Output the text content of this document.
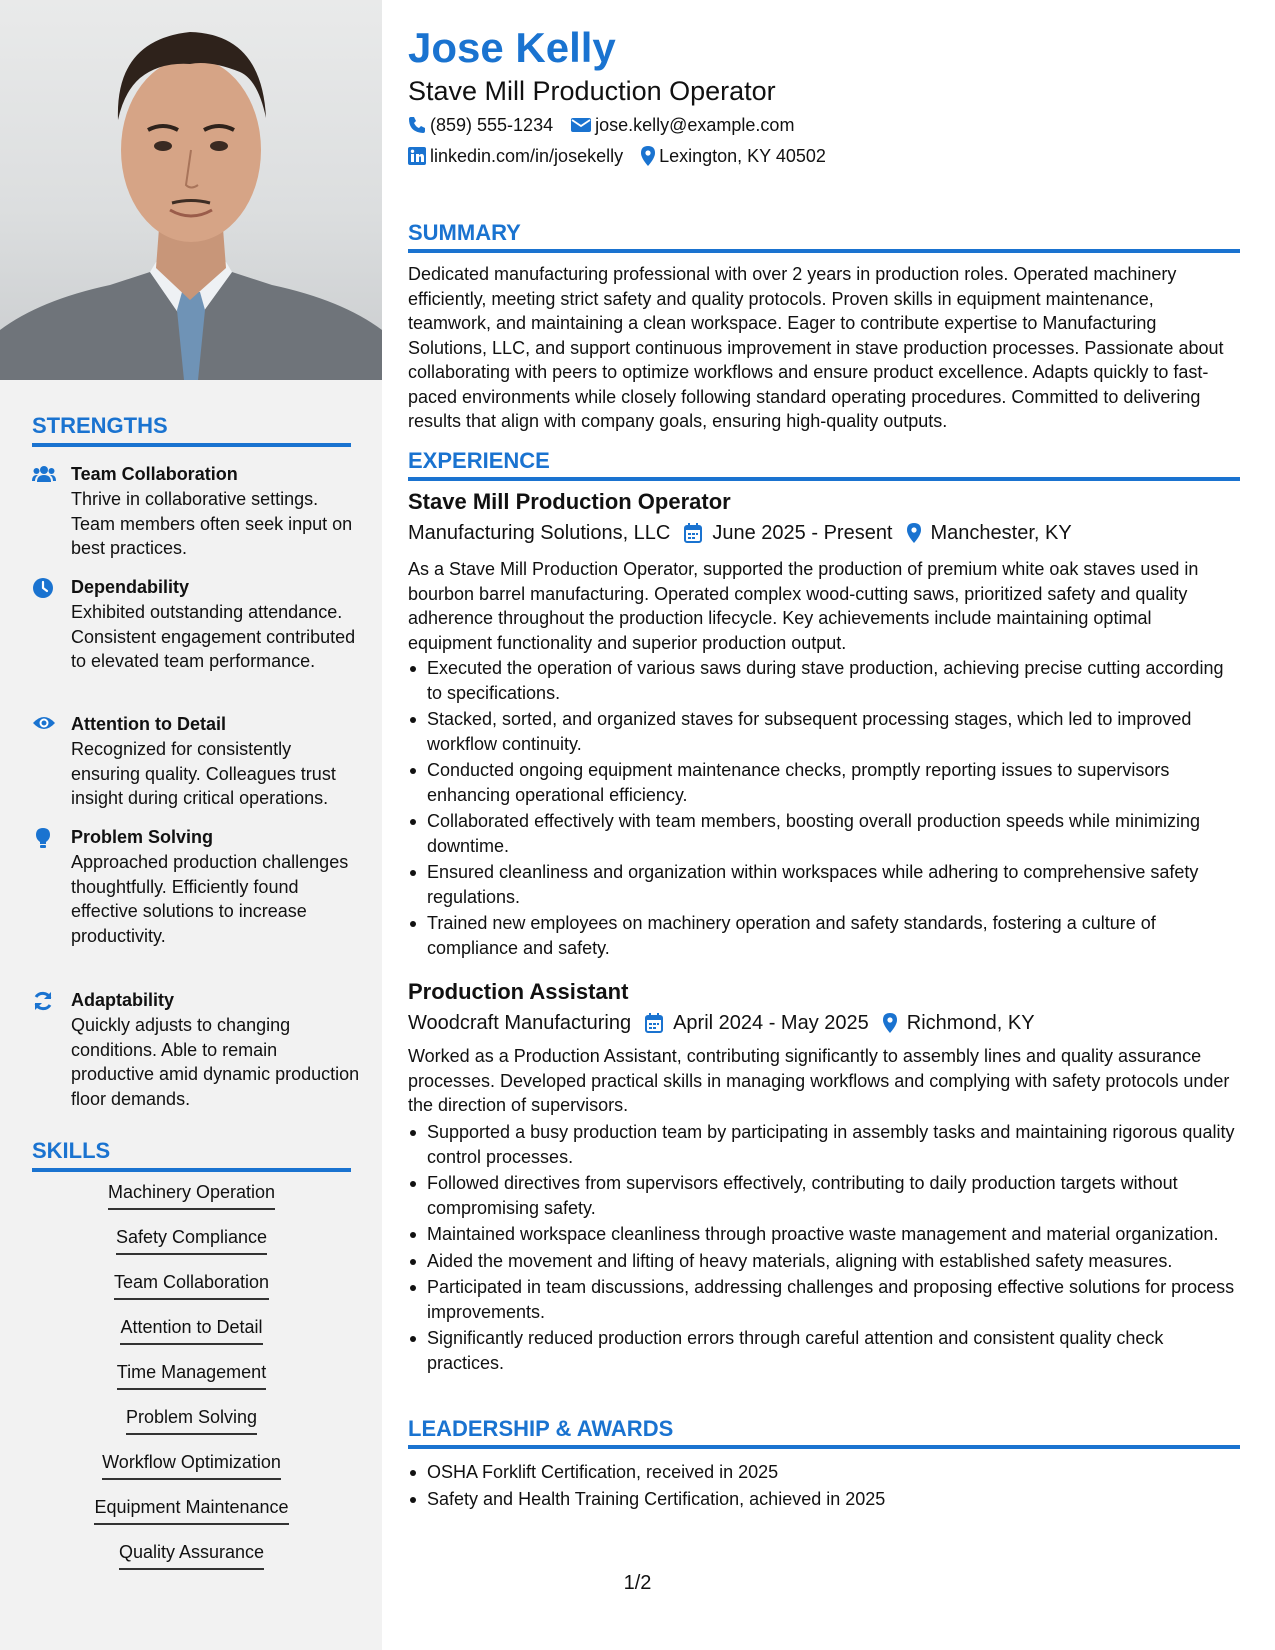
STRENGTHS
Team Collaboration
Thrive in collaborative settings. Team members often seek input on best practices.
Dependability
Exhibited outstanding attendance. Consistent engagement contributed to elevated team performance.
Attention to Detail
Recognized for consistently ensuring quality. Colleagues trust insight during critical operations.
Problem Solving
Approached production challenges thoughtfully. Efficiently found effective solutions to increase productivity.
Adaptability
Quickly adjusts to changing conditions. Able to remain productive amid dynamic production floor demands.
SKILLS
Machinery Operation
Safety Compliance
Team Collaboration
Attention to Detail
Time Management
Problem Solving
Workflow Optimization
Equipment Maintenance
Quality Assurance
Jose Kelly
Stave Mill Production Operator
(859) 555-1234 jose.kelly@example.com
linkedin.com/in/josekelly Lexington, KY 40502
SUMMARY
Dedicated manufacturing professional with over 2 years in production roles. Operated machinery efficiently, meeting strict safety and quality protocols. Proven skills in equipment maintenance, teamwork, and maintaining a clean workspace. Eager to contribute expertise to Manufacturing Solutions, LLC, and support continuous improvement in stave production processes. Passionate about collaborating with peers to optimize workflows and ensure product excellence. Adapts quickly to fast-paced environments while closely following standard operating procedures. Committed to delivering results that align with company goals, ensuring high-quality outputs.
EXPERIENCE
Stave Mill Production Operator
Manufacturing Solutions, LLC June 2025 - Present Manchester, KY
As a Stave Mill Production Operator, supported the production of premium white oak staves used in bourbon barrel manufacturing. Operated complex wood-cutting saws, prioritized safety and quality adherence throughout the production lifecycle. Key achievements include maintaining optimal equipment functionality and superior production output.
Executed the operation of various saws during stave production, achieving precise cutting according to specifications.
Stacked, sorted, and organized staves for subsequent processing stages, which led to improved workflow continuity.
Conducted ongoing equipment maintenance checks, promptly reporting issues to supervisors enhancing operational efficiency.
Collaborated effectively with team members, boosting overall production speeds while minimizing downtime.
Ensured cleanliness and organization within workspaces while adhering to comprehensive safety regulations.
Trained new employees on machinery operation and safety standards, fostering a culture of compliance and safety.
Production Assistant
Woodcraft Manufacturing April 2024 - May 2025 Richmond, KY
Worked as a Production Assistant, contributing significantly to assembly lines and quality assurance processes. Developed practical skills in managing workflows and complying with safety protocols under the direction of supervisors.
Supported a busy production team by participating in assembly tasks and maintaining rigorous quality control processes.
Followed directives from supervisors effectively, contributing to daily production targets without compromising safety.
Maintained workspace cleanliness through proactive waste management and material organization.
Aided the movement and lifting of heavy materials, aligning with established safety measures.
Participated in team discussions, addressing challenges and proposing effective solutions for process improvements.
Significantly reduced production errors through careful attention and consistent quality check practices.
LEADERSHIP & AWARDS
OSHA Forklift Certification, received in 2025
Safety and Health Training Certification, achieved in 2025
1/2
